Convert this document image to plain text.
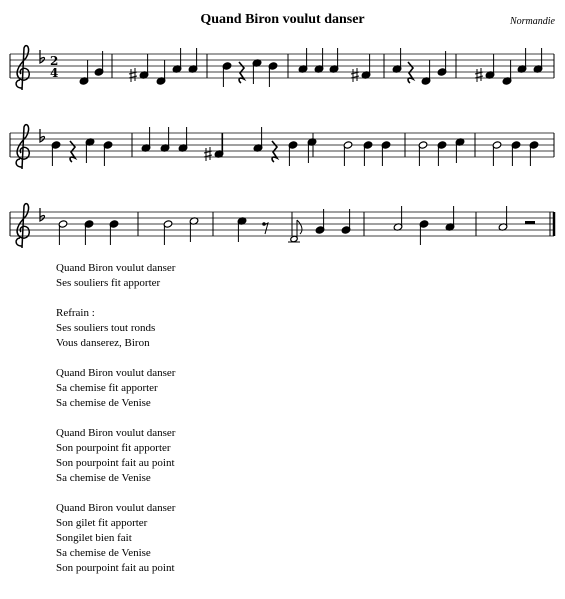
Quand Biron voulut danser	Normandie
2
4
Quand Biron voulut danser
Ses souliers fit apporter
Refrain :
Ses souliers tout ronds
Vous danserez, Biron
Quand Biron voulut danser
Sa chemise fit apporter
Sa chemise de Venise
Quand Biron voulut danser
Son pourpoint fit apporter
Son pourpoint fait au point
Sa chemise de Venise
Quand Biron voulut danser
Son gilet fit apporter
Songilet bien fait
Sa chemise de Venise
Son pourpoint fait au point
